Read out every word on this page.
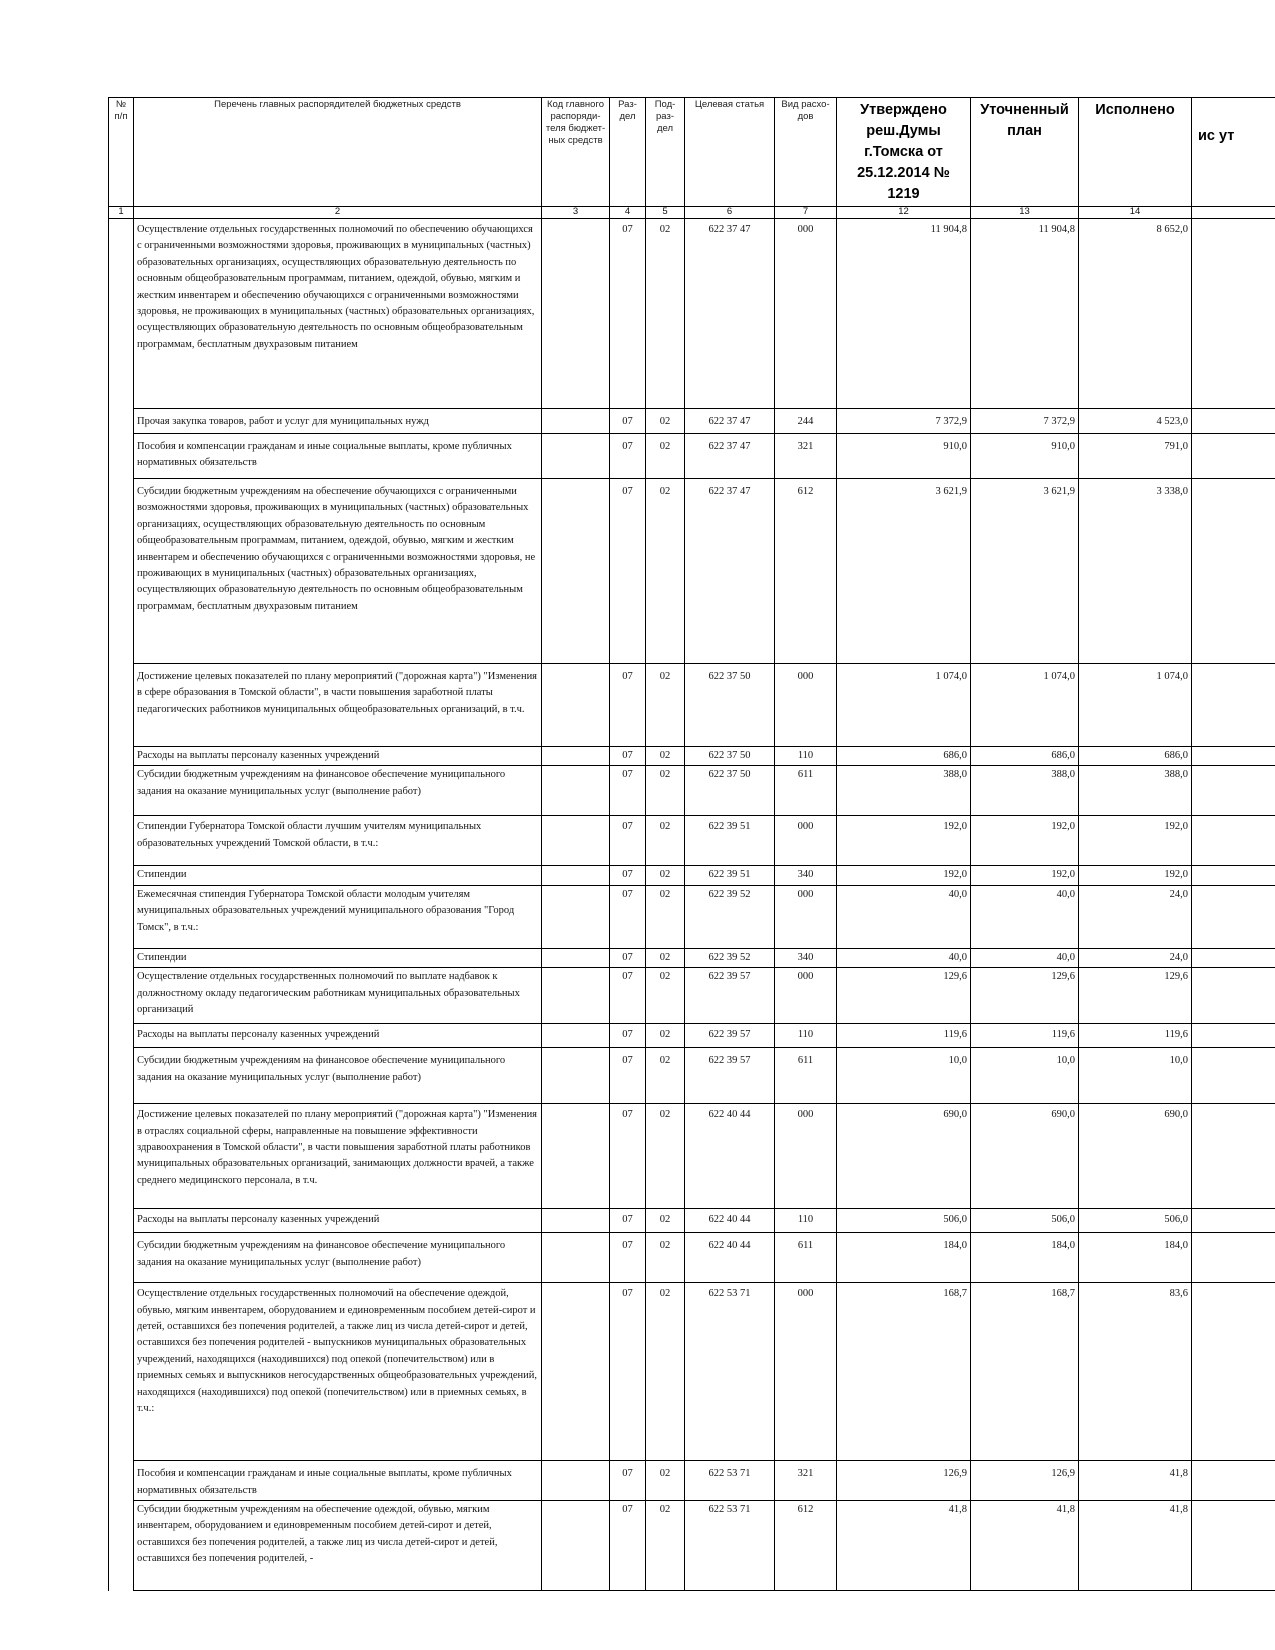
№ п/п	Перечень главных распорядителей бюджетных средств	Код главного распоряди-теля бюджет-ных средств	Раз-дел	Под-раз-дел	Целевая статья	Вид расхо-дов	Утверждено реш.Думы г.Томска от 25.12.2014 № 1219	Уточненный план	Исполнено	ис ут
1	2	3	4	5	6	7	12	13	14	
	Осуществление отдельных государственных полномочий по обеспечению обучающихся с ограниченными возможностями здоровья, проживающих в муниципальных (частных) образовательных организациях, осуществляющих образовательную деятельность по основным общеобразовательным программам, питанием, одеждой, обувью, мягким и жестким инвентарем и обеспечению обучающихся с ограниченными возможностями здоровья, не проживающих в муниципальных (частных) образовательных организациях, осуществляющих образовательную деятельность по основным общеобразовательным программам, бесплатным двухразовым питанием		07	02	622 37 47	000	11 904,8	11 904,8	8 652,0	
	Прочая закупка товаров, работ и услуг для муниципальных нужд		07	02	622 37 47	244	7 372,9	7 372,9	4 523,0	
	Пособия и компенсации гражданам и иные социальные выплаты, кроме публичных нормативных обязательств		07	02	622 37 47	321	910,0	910,0	791,0	
	Субсидии бюджетным учреждениям на обеспечение обучающихся с ограниченными возможностями здоровья, проживающих в муниципальных (частных) образовательных организациях, осуществляющих образовательную деятельность по основным общеобразовательным программам, питанием, одеждой, обувью, мягким и жестким инвентарем и обеспечению обучающихся с ограниченными возможностями здоровья, не проживающих в муниципальных (частных) образовательных организациях, осуществляющих образовательную деятельность по основным общеобразовательным программам, бесплатным двухразовым питанием		07	02	622 37 47	612	3 621,9	3 621,9	3 338,0	
	Достижение целевых показателей по плану мероприятий ("дорожная карта") "Изменения в сфере образования в Томской области", в части повышения заработной платы педагогических работников муниципальных общеобразовательных организаций, в т.ч.		07	02	622 37 50	000	1 074,0	1 074,0	1 074,0	
	Расходы на выплаты персоналу казенных учреждений		07	02	622 37 50	110	686,0	686,0	686,0	
	Субсидии бюджетным учреждениям на финансовое обеспечение муниципального задания на оказание муниципальных услуг (выполнение работ)		07	02	622 37 50	611	388,0	388,0	388,0	
	Стипендии Губернатора Томской области лучшим учителям муниципальных образовательных учреждений Томской области, в т.ч.:		07	02	622 39 51	000	192,0	192,0	192,0	
	Стипендии		07	02	622 39 51	340	192,0	192,0	192,0	
	Ежемесячная стипендия Губернатора Томской области молодым учителям муниципальных образовательных учреждений муниципального образования "Город Томск", в т.ч.:		07	02	622 39 52	000	40,0	40,0	24,0	
	Стипендии		07	02	622 39 52	340	40,0	40,0	24,0	
	Осуществление отдельных государственных полномочий по выплате надбавок к должностному окладу педагогическим работникам муниципальных образовательных организаций		07	02	622 39 57	000	129,6	129,6	129,6	
	Расходы на выплаты персоналу казенных учреждений		07	02	622 39 57	110	119,6	119,6	119,6	
	Субсидии бюджетным учреждениям на финансовое обеспечение муниципального задания на оказание муниципальных услуг (выполнение работ)		07	02	622 39 57	611	10,0	10,0	10,0	
	Достижение целевых показателей по плану мероприятий ("дорожная карта") "Изменения в отраслях социальной сферы, направленные на повышение эффективности здравоохранения в Томской области", в части повышения заработной платы работников муниципальных образовательных организаций, занимающих должности врачей, а также среднего медицинского персонала, в т.ч.		07	02	622 40 44	000	690,0	690,0	690,0	
	Расходы на выплаты персоналу казенных учреждений		07	02	622 40 44	110	506,0	506,0	506,0	
	Субсидии бюджетным учреждениям на финансовое обеспечение муниципального задания на оказание муниципальных услуг (выполнение работ)		07	02	622 40 44	611	184,0	184,0	184,0	
	Осуществление отдельных государственных полномочий на обеспечение одеждой, обувью, мягким инвентарем, оборудованием и единовременным пособием детей-сирот и детей, оставшихся без попечения родителей, а также лиц из числа детей-сирот и детей, оставшихся без попечения родителей - выпускников муниципальных образовательных учреждений, находящихся (находившихся) под опекой (попечительством) или в приемных семьях и выпускников негосударственных общеобразовательных учреждений, находящихся (находившихся) под опекой (попечительством) или в приемных семьях, в т.ч.:		07	02	622 53 71	000	168,7	168,7	83,6	
	Пособия и компенсации гражданам и иные социальные выплаты, кроме публичных нормативных обязательств		07	02	622 53 71	321	126,9	126,9	41,8	
	Субсидии бюджетным учреждениям на обеспечение одеждой, обувью, мягким инвентарем, оборудованием и единовременным пособием детей-сирот и детей, оставшихся без попечения родителей, а также лиц из числа детей-сирот и детей, оставшихся без попечения родителей, -		07	02	622 53 71	612	41,8	41,8	41,8	
